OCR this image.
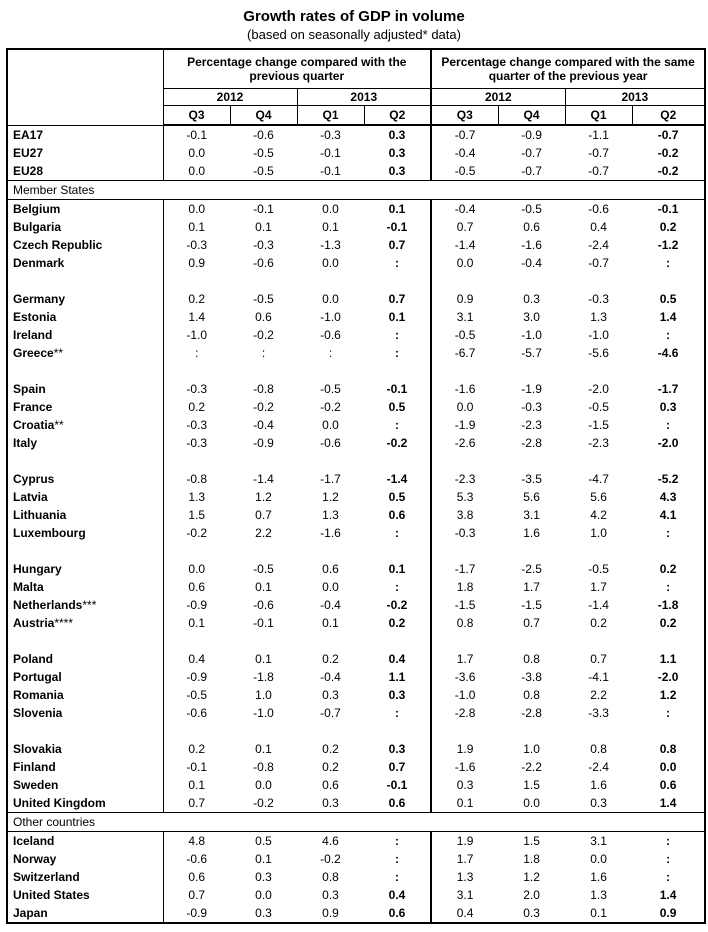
Growth rates of GDP in volume
(based on seasonally adjusted* data)
	Percentage change compared with the previous quarter				Percentage change compared with the same quarter of the previous year			
	2012		2013		2012		2013	
	Q3	Q4	Q1	Q2	Q3	Q4	Q1	Q2
EA17	-0.1	-0.6	-0.3	0.3	-0.7	-0.9	-1.1	-0.7
EU27	0.0	-0.5	-0.1	0.3	-0.4	-0.7	-0.7	-0.2
EU28	0.0	-0.5	-0.1	0.3	-0.5	-0.7	-0.7	-0.2
Member States								
Belgium	0.0	-0.1	0.0	0.1	-0.4	-0.5	-0.6	-0.1
Bulgaria	0.1	0.1	0.1	-0.1	0.7	0.6	0.4	0.2
Czech Republic	-0.3	-0.3	-1.3	0.7	-1.4	-1.6	-2.4	-1.2
Denmark	0.9	-0.6	0.0	:	0.0	-0.4	-0.7	:

Germany	0.2	-0.5	0.0	0.7	0.9	0.3	-0.3	0.5
Estonia	1.4	0.6	-1.0	0.1	3.1	3.0	1.3	1.4
Ireland	-1.0	-0.2	-0.6	:	-0.5	-1.0	-1.0	:
Greece**	:	:	:	:	-6.7	-5.7	-5.6	-4.6

Spain	-0.3	-0.8	-0.5	-0.1	-1.6	-1.9	-2.0	-1.7
France	0.2	-0.2	-0.2	0.5	0.0	-0.3	-0.5	0.3
Croatia**	-0.3	-0.4	0.0	:	-1.9	-2.3	-1.5	:
Italy	-0.3	-0.9	-0.6	-0.2	-2.6	-2.8	-2.3	-2.0

Cyprus	-0.8	-1.4	-1.7	-1.4	-2.3	-3.5	-4.7	-5.2
Latvia	1.3	1.2	1.2	0.5	5.3	5.6	5.6	4.3
Lithuania	1.5	0.7	1.3	0.6	3.8	3.1	4.2	4.1
Luxembourg	-0.2	2.2	-1.6	:	-0.3	1.6	1.0	:

Hungary	0.0	-0.5	0.6	0.1	-1.7	-2.5	-0.5	0.2
Malta	0.6	0.1	0.0	:	1.8	1.7	1.7	:
Netherlands***	-0.9	-0.6	-0.4	-0.2	-1.5	-1.5	-1.4	-1.8
Austria****	0.1	-0.1	0.1	0.2	0.8	0.7	0.2	0.2

Poland	0.4	0.1	0.2	0.4	1.7	0.8	0.7	1.1
Portugal	-0.9	-1.8	-0.4	1.1	-3.6	-3.8	-4.1	-2.0
Romania	-0.5	1.0	0.3	0.3	-1.0	0.8	2.2	1.2
Slovenia	-0.6	-1.0	-0.7	:	-2.8	-2.8	-3.3	:

Slovakia	0.2	0.1	0.2	0.3	1.9	1.0	0.8	0.8
Finland	-0.1	-0.8	0.2	0.7	-1.6	-2.2	-2.4	0.0
Sweden	0.1	0.0	0.6	-0.1	0.3	1.5	1.6	0.6
United Kingdom	0.7	-0.2	0.3	0.6	0.1	0.0	0.3	1.4
Other countries								
Iceland	4.8	0.5	4.6	:	1.9	1.5	3.1	:
Norway	-0.6	0.1	-0.2	:	1.7	1.8	0.0	:
Switzerland	0.6	0.3	0.8	:	1.3	1.2	1.6	:
United States	0.7	0.0	0.3	0.4	3.1	2.0	1.3	1.4
Japan	-0.9	0.3	0.9	0.6	0.4	0.3	0.1	0.9
